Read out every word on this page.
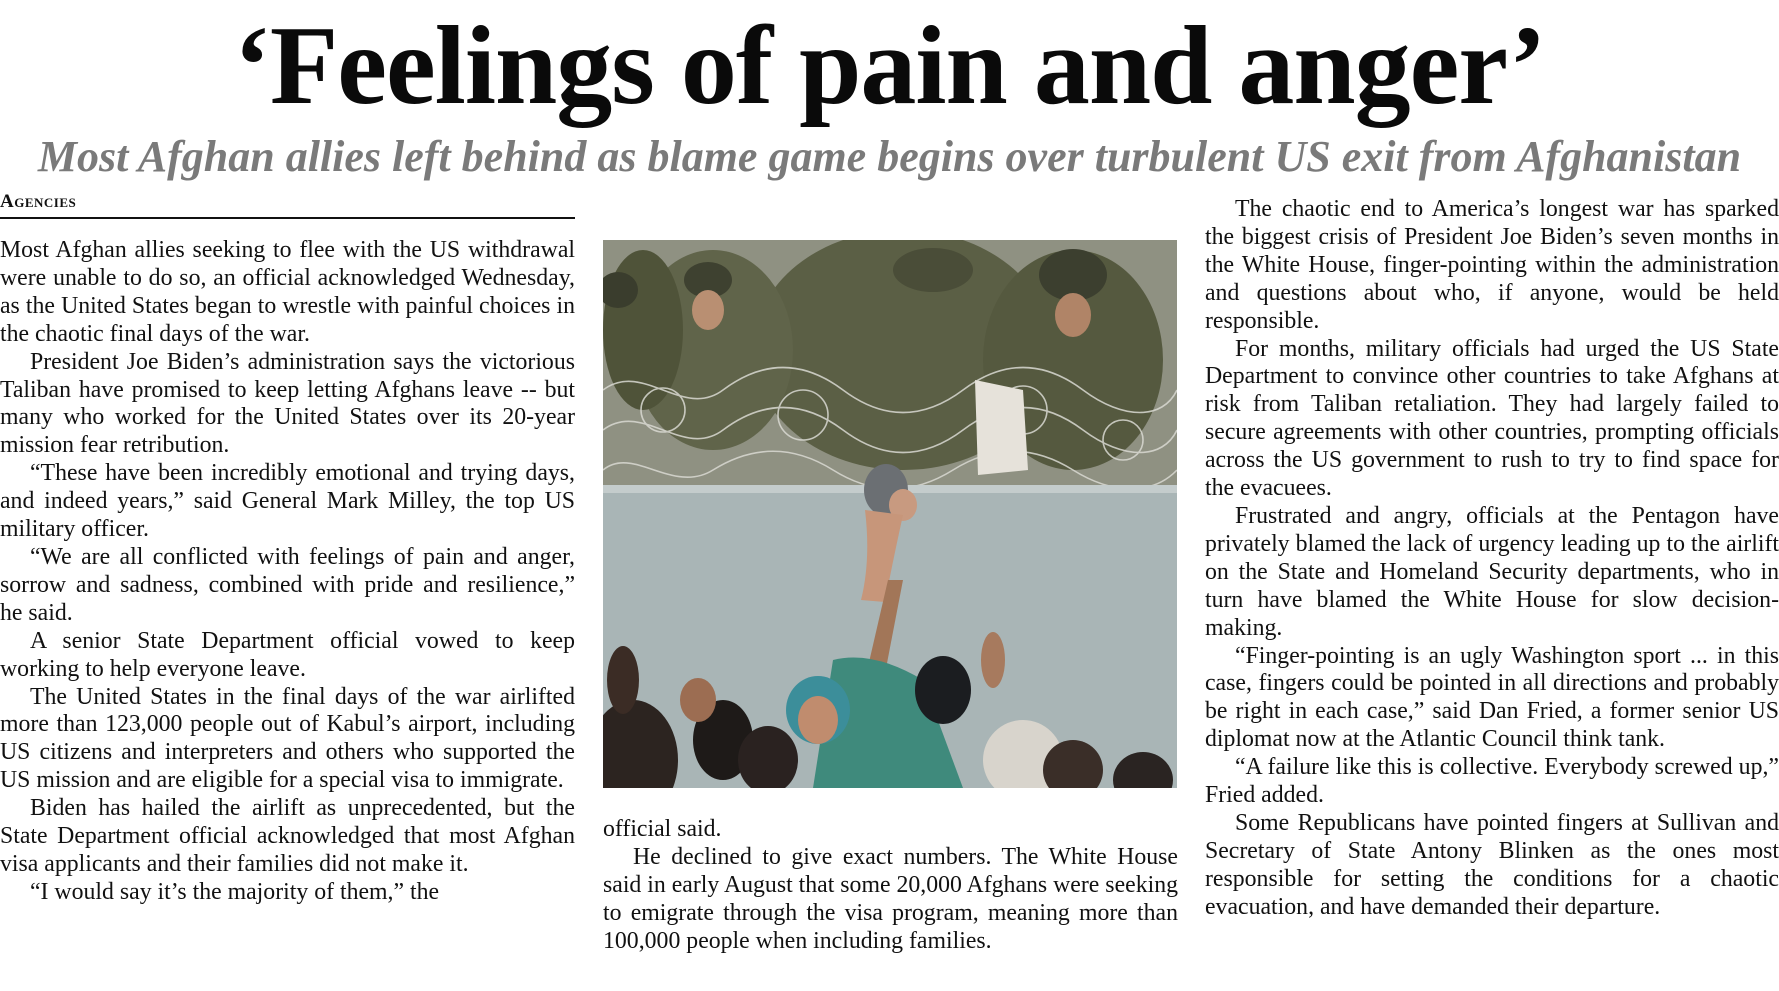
‘Feelings of pain and anger’
Most Afghan allies left behind as blame game begins over turbulent US exit from Afghanistan
Agencies

Most Afghan allies seeking to flee with the US withdrawal were unable to do so, an official acknowledged Wednesday, as the United States began to wrestle with painful choices in the chaotic final days of the war.

President Joe Biden’s administration says the victorious Taliban have promised to keep letting Afghans leave -- but many who worked for the United States over its 20-year mission fear retribution.

“These have been incredibly emotional and trying days, and indeed years,” said General Mark Milley, the top US military officer.

“We are all conflicted with feelings of pain and anger, sorrow and sadness, combined with pride and resilience,” he said.

A senior State Department official vowed to keep working to help everyone leave.

The United States in the final days of the war airlifted more than 123,000 people out of Kabul’s airport, including US citizens and interpreters and others who supported the US mission and are eligible for a special visa to immigrate.

Biden has hailed the airlift as unprecedented, but the State Department official acknowledged that most Afghan visa applicants and their families did not make it.

“I would say it’s the majority of them,” the

official said.

He declined to give exact numbers. The White House said in early August that some 20,000 Afghans were seeking to emigrate through the visa program, meaning more than 100,000 people when including families.

The chaotic end to America’s longest war has sparked the biggest crisis of President Joe Biden’s seven months in the White House, finger-pointing within the administration and questions about who, if anyone, would be held responsible.

For months, military officials had urged the US State Department to convince other countries to take Afghans at risk from Taliban retaliation. They had largely failed to secure agreements with other countries, prompting officials across the US government to rush to try to find space for the evacuees.

Frustrated and angry, officials at the Pentagon have privately blamed the lack of urgency leading up to the airlift on the State and Homeland Security departments, who in turn have blamed the White House for slow decision-making.

“Finger-pointing is an ugly Washington sport ... in this case, fingers could be pointed in all directions and probably be right in each case,” said Dan Fried, a former senior US diplomat now at the Atlantic Council think tank.

“A failure like this is collective. Everybody screwed up,” Fried added.

Some Republicans have pointed fingers at Sullivan and Secretary of State Antony Blinken as the ones most responsible for setting the conditions for a chaotic evacuation, and have demanded their departure.
